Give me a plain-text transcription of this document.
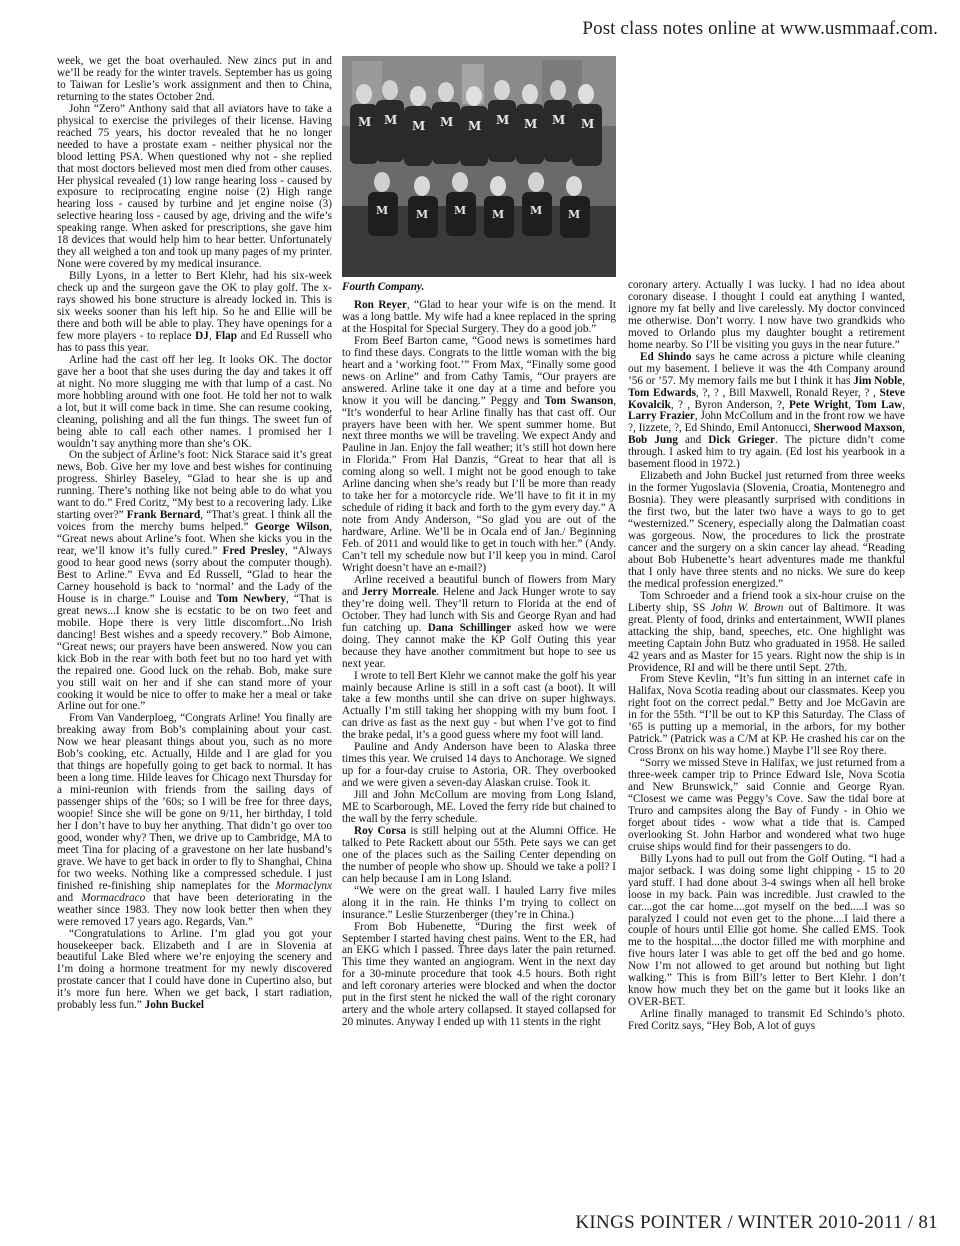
Post class notes online at www.usmmaaf.com.

week, we get the boat overhauled. New zincs put in and we’ll be ready for the winter travels. September has us going to Taiwan for Leslie’s work assignment and then to China, returning to the states October 2nd.

John “Zero” Anthony said that all aviators have to take a physical to exercise the privileges of their license. Having reached 75 years, his doctor revealed that he no longer needed to have a prostate exam - neither physical nor the blood letting PSA. When questioned why not - she replied that most doctors believed most men died from other causes. Her physical revealed (1) low range hearing loss - caused by exposure to reciprocating engine noise (2) High range hearing loss - caused by turbine and jet engine noise (3) selective hearing loss - caused by age, driving and the wife’s speaking range. When asked for prescriptions, she gave him 18 devices that would help him to hear better. Unfortunately they all weighed a ton and took up many pages of my printer. None were covered by my medical insurance.

Billy Lyons, in a letter to Bert Klehr, had his six-week check up and the surgeon gave the OK to play golf. The x-rays showed his bone structure is already locked in. This is six weeks sooner than his left hip. So he and Ellie will be there and both will be able to play. They have openings for a few more players - to replace DJ, Flap and Ed Russell who has to pass this year.

Arline had the cast off her leg. It looks OK. The doctor gave her a boot that she uses during the day and takes it off at night. No more slugging me with that lump of a cast. No more hobbling around with one foot. He told her not to walk a lot, but it will come back in time. She can resume cooking, cleaning, polishing and all the fun things. The sweet fun of being able to call each other names. I promised her I wouldn’t say anything more than she’s OK.

On the subject of Arline’s foot: Nick Starace said it’s great news, Bob. Give her my love and best wishes for continuing progress. Shirley Baseley, “Glad to hear she is up and running. There’s nothing like not being able to do what you want to do.” Fred Coritz, “My best to a recovering lady. Like starting over?” Frank Bernard, “That’s great. I think all the voices from the merchy bums helped.” George Wilson, “Great news about Arline’s foot. When she kicks you in the rear, we’ll know it’s fully cured.” Fred Presley, “Always good to hear good news (sorry about the computer though). Best to Arline.” Evva and Ed Russell, “Glad to hear the Carney household is back to ‘normal’ and the Lady of the House is in charge.” Louise and Tom Newbery, “That is great news...I know she is ecstatic to be on two feet and mobile. Hope there is very little discomfort...No Irish dancing! Best wishes and a speedy recovery.” Bob Aimone, “Great news; our prayers have been answered. Now you can kick Bob in the rear with both feet but no too hard yet with the repaired one. Good luck on the rehab. Bob, make sure you still wait on her and if she can stand more of your cooking it would be nice to offer to make her a meal or take Arline out for one.”

From Van Vanderploeg, “Congrats Arline! You finally are breaking away from Bob’s complaining about your cast. Now we hear pleasant things about you, such as no more Bob’s cooking, etc. Actually, Hilde and I are glad for you that things are hopefully going to get back to normal. It has been a long time. Hilde leaves for Chicago next Thursday for a mini-reunion with friends from the sailing days of passenger ships of the ’60s; so I will be free for three days, woopie! Since she will be gone on 9/11, her birthday, I told her I don’t have to buy her anything. That didn’t go over too good, wonder why? Then, we drive up to Cambridge, MA to meet Tina for placing of a gravestone on her late husband’s grave. We have to get back in order to fly to Shanghai, China for two weeks. Nothing like a compressed schedule. I just finished re-finishing ship nameplates for the Mormaclynx and Mormacdraco that have been deteriorating in the weather since 1983. They now look better then when they were removed 17 years ago. Regards, Van.”

“Congratulations to Arline. I’m glad you got your housekeeper back. Elizabeth and I are in Slovenia at beautiful Lake Bled where we’re enjoying the scenery and I’m doing a hormone treatment for my newly discovered prostate cancer that I could have done in Cupertino also, but it’s more fun here. When we get back, I start radiation, probably less fun.” John Buckel

M M M M M M M M M
M	M M M M M
Fourth Company.

Ron Reyer, “Glad to hear your wife is on the mend. It was a long battle. My wife had a knee replaced in the spring at the Hospital for Special Surgery. They do a good job.”

From Beef Barton came, “Good news is sometimes hard to find these days. Congrats to the little woman with the big heart and a ‘working foot.’” From Max, “Finally some good news on Arline” and from Cathy Tamis, “Our prayers are answered. Arline take it one day at a time and before you know it you will be dancing.” Peggy and Tom Swanson, “It’s wonderful to hear Arline finally has that cast off. Our prayers have been with her. We spent summer home. But next three months we will be traveling. We expect Andy and Pauline in Jan. Enjoy the fall weather; it’s still hot down here in Florida.” From Hal Danzis, “Great to hear that all is coming along so well. I might not be good enough to take Arline dancing when she’s ready but I’ll be more than ready to take her for a motorcycle ride. We’ll have to fit it in my schedule of riding it back and forth to the gym every day.” A note from Andy Anderson, “So glad you are out of the hardware, Arline. We’ll be in Ocala end of Jan./ Beginning Feb. of 2011 and would like to get in touch with her.” (Andy. Can’t tell my schedule now but I’ll keep you in mind. Carol Wright doesn’t have an e-mail?)

Arline received a beautiful bunch of flowers from Mary and Jerry Morreale. Helene and Jack Hunger wrote to say they’re doing well. They’ll return to Florida at the end of October. They had lunch with Sis and George Ryan and had fun catching up. Dana Schillinger asked how we were doing. They cannot make the KP Golf Outing this year because they have another commitment but hope to see us next year.

I wrote to tell Bert Klehr we cannot make the golf his year mainly because Arline is still in a soft cast (a boot). It will take a few months until she can drive on super highways. Actually I’m still taking her shopping with my bum foot. I can drive as fast as the next guy - but when I’ve got to find the brake pedal, it’s a good guess where my foot will land.

Pauline and Andy Anderson have been to Alaska three times this year. We cruised 14 days to Anchorage. We signed up for a four-day cruise to Astoria, OR. They overbooked and we were given a seven-day Alaskan cruise. Took it.

Jill and John McCollum are moving from Long Island, ME to Scarborough, ME. Loved the ferry ride but chained to the wall by the ferry schedule.

Roy Corsa is still helping out at the Alumni Office. He talked to Pete Rackett about our 55th. Pete says we can get one of the places such as the Sailing Center depending on the number of people who show up. Should we take a poll? I can help because I am in Long Island.

“We were on the great wall. I hauled Larry five miles along it in the rain. He thinks I’m trying to collect on insurance.” Leslie Sturzenberger (they’re in China.)

From Bob Hubenette, “During the first week of September I started having chest pains. Went to the ER, had an EKG which I passed. Three days later the pain returned. This time they wanted an angiogram. Went in the next day for a 30-minute procedure that took 4.5 hours. Both right and left coronary arteries were blocked and when the doctor put in the first stent he nicked the wall of the right coronary artery and the whole artery collapsed. It stayed collapsed for 20 minutes. Anyway I ended up with 11 stents in the right

coronary artery. Actually I was lucky. I had no idea about coronary disease. I thought I could eat anything I wanted, ignore my fat belly and live carelessly. My doctor convinced me otherwise. Don’t worry. I now have two grandkids who moved to Orlando plus my daughter bought a retirement home nearby. So I’ll be visiting you guys in the near future.”

Ed Shindo says he came across a picture while cleaning out my basement. I believe it was the 4th Company around ’56 or ’57. My memory fails me but I think it has Jim Noble, Tom Edwards, ?, ? , Bill Maxwell, Ronald Reyer, ? , Steve Kovalcik, ? , Byron Anderson, ?, Pete Wright, Tom Law, Larry Frazier, John McCollum and in the front row we have ?, Iizzete, ?, Ed Shindo, Emil Antonucci, Sherwood Maxson, Bob Jung and Dick Grieger. The picture didn’t come through. I asked him to try again. (Ed lost his yearbook in a basement flood in 1972.)

Elizabeth and John Buckel just returned from three weeks in the former Yugoslavia (Slovenia, Croatia, Montenegro and Bosnia). They were pleasantly surprised with conditions in the first two, but the later two have a ways to go to get “westernized.” Scenery, especially along the Dalmatian coast was gorgeous. Now, the procedures to lick the prostrate cancer and the surgery on a skin cancer lay ahead. “Reading about Bob Hubenette’s heart adventures made me thankful that I only have three stents and no nicks. We sure do keep the medical profession energized.”

Tom Schroeder and a friend took a six-hour cruise on the Liberty ship, SS John W. Brown out of Baltimore. It was great. Plenty of food, drinks and entertainment, WWII planes attacking the ship, band, speeches, etc. One highlight was meeting Captain John Butz who graduated in 1958. He sailed 42 years and as Master for 15 years. Right now the ship is in Providence, RI and will be there until Sept. 27th.

From Steve Kevlin, “It’s fun sitting in an internet cafe in Halifax, Nova Scotia reading about our classmates. Keep you right foot on the correct pedal.” Betty and Joe McGavin are in for the 55th. “I’ll be out to KP this Saturday. The Class of ’65 is putting up a memorial, in the arbors, for my bother Patrick.” (Patrick was a C/M at KP. He crashed his car on the Cross Bronx on his way home.) Maybe I’ll see Roy there.

“Sorry we missed Steve in Halifax, we just returned from a three-week camper trip to Prince Edward Isle, Nova Scotia and New Brunswick,” said Connie and George Ryan. “Closest we came was Peggy’s Cove. Saw the tidal bore at Truro and campsites along the Bay of Fundy - in Ohio we forget about tides - wow what a tide that is. Camped overlooking St. John Harbor and wondered what two huge cruise ships would find for their passengers to do.

Billy Lyons had to pull out from the Golf Outing. “I had a major setback. I was doing some light chipping - 15 to 20 yard stuff. I had done about 3-4 swings when all hell broke loose in my back. Pain was incredible. Just crawled to the car....got the car home....got myself on the bed.....I was so paralyzed I could not even get to the phone....I laid there a couple of hours until Ellie got home. She called EMS. Took me to the hospital....the doctor filled me with morphine and five hours later I was able to get off the bed and go home. Now I’m not allowed to get around but nothing but light walking.” This is from Bill’s letter to Bert Klehr. I don’t know how much they bet on the game but it looks like an OVER-BET.

Arline finally managed to transmit Ed Schindo’s photo. Fred Coritz says, “Hey Bob, A lot of guys

KINGS POINTER / WINTER 2010-2011 / 81
